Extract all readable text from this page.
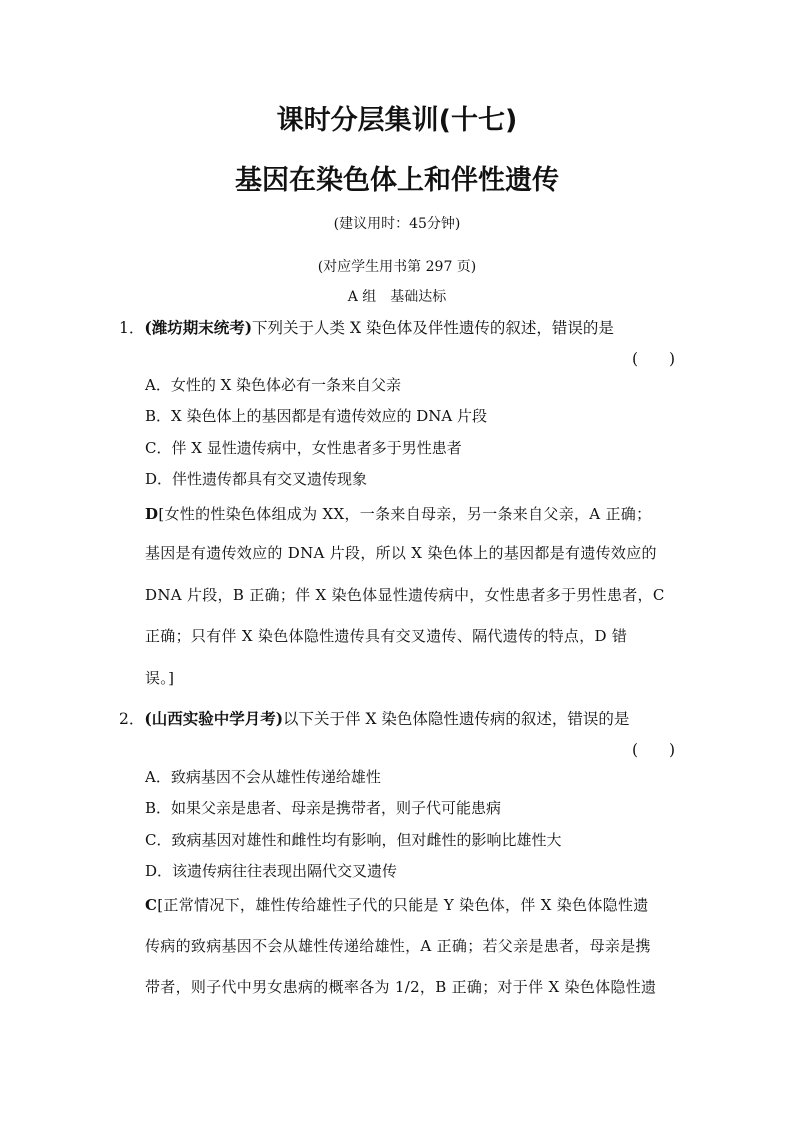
课时分层集训(十七)
基因在染色体上和伴性遗传
(建议用时：45分钟)
(对应学生用书第 297 页)
A 组　基础达标
1．(潍坊期末统考)下列关于人类 X 染色体及伴性遗传的叙述，错误的是
(　　)
A．女性的 X 染色体必有一条来自父亲
B．X 染色体上的基因都是有遗传效应的 DNA 片段
C．伴 X 显性遗传病中，女性患者多于男性患者
D．伴性遗传都具有交叉遗传现象
D[女性的性染色体组成为 XX，一条来自母亲，另一条来自父亲，A 正确；
基因是有遗传效应的 DNA 片段，所以 X 染色体上的基因都是有遗传效应的
DNA 片段，B 正确；伴 X 染色体显性遗传病中，女性患者多于男性患者，C
正确；只有伴 X 染色体隐性遗传具有交叉遗传、隔代遗传的特点，D 错
误。]
2．(山西实验中学月考)以下关于伴 X 染色体隐性遗传病的叙述，错误的是
(　　)
A．致病基因不会从雄性传递给雄性
B．如果父亲是患者、母亲是携带者，则子代可能患病
C．致病基因对雄性和雌性均有影响，但对雌性的影响比雄性大
D．该遗传病往往表现出隔代交叉遗传
C[正常情况下，雄性传给雄性子代的只能是 Y 染色体，伴 X 染色体隐性遗
传病的致病基因不会从雄性传递给雄性，A 正确；若父亲是患者，母亲是携
带者，则子代中男女患病的概率各为 1/2，B 正确；对于伴 X 染色体隐性遗
